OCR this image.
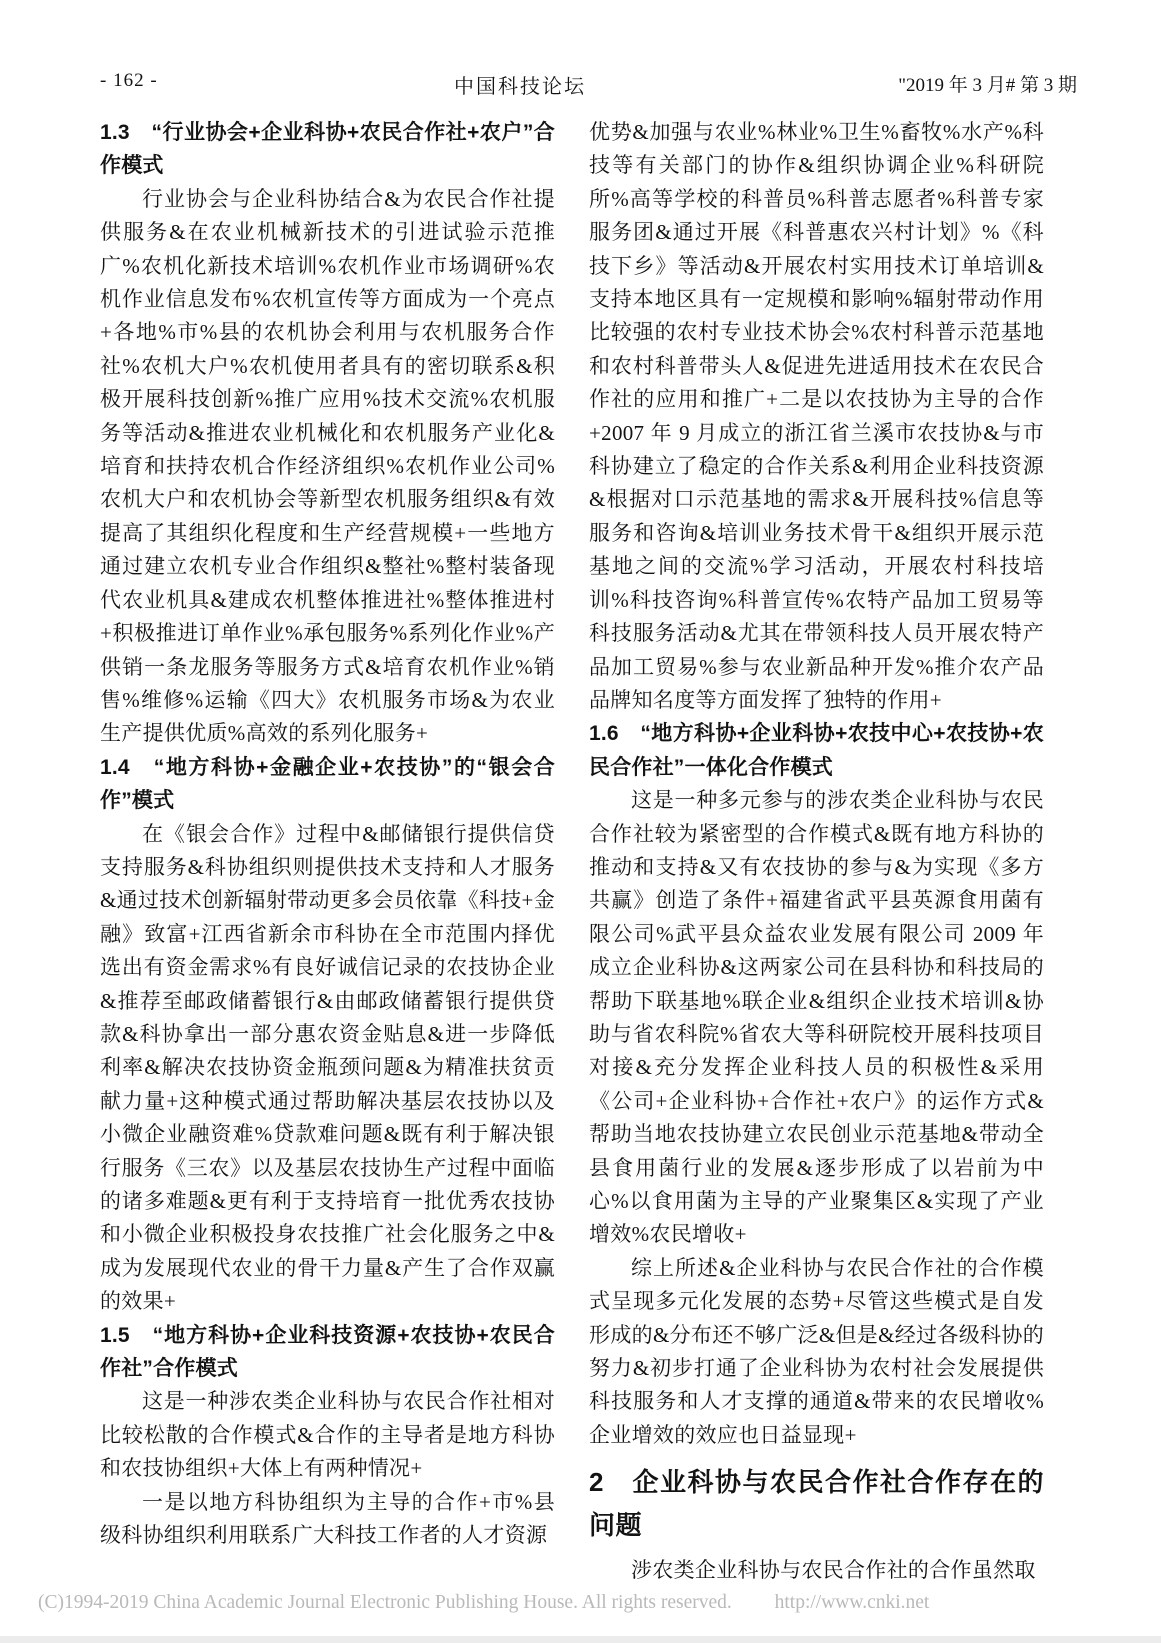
- 162 -	中国科技论坛	"2019 年 3 月# 第 3 期
1.3　“行业协会+企业科协+农民合作社+农户”合作模式

行业协会与企业科协结合&为农民合作社提供服务&在农业机械新技术的引进试验示范推广%农机化新技术培训%农机作业市场调研%农机作业信息发布%农机宣传等方面成为一个亮点+各地%市%县的农机协会利用与农机服务合作社%农机大户%农机使用者具有的密切联系&积极开展科技创新%推广应用%技术交流%农机服务等活动&推进农业机械化和农机服务产业化&培育和扶持农机合作经济组织%农机作业公司%农机大户和农机协会等新型农机服务组织&有效提高了其组织化程度和生产经营规模+一些地方通过建立农机专业合作组织&整社%整村装备现代农业机具&建成农机整体推进社%整体推进村+积极推进订单作业%承包服务%系列化作业%产供销一条龙服务等服务方式&培育农机作业%销售%维修%运输《四大》农机服务市场&为农业生产提供优质%高效的系列化服务+

1.4　“地方科协+金融企业+农技协”的“银会合作”模式

在《银会合作》过程中&邮储银行提供信贷支持服务&科协组织则提供技术支持和人才服务&通过技术创新辐射带动更多会员依靠《科技+金融》致富+江西省新余市科协在全市范围内择优选出有资金需求%有良好诚信记录的农技协企业&推荐至邮政储蓄银行&由邮政储蓄银行提供贷款&科协拿出一部分惠农资金贴息&进一步降低利率&解决农技协资金瓶颈问题&为精准扶贫贡献力量+这种模式通过帮助解决基层农技协以及小微企业融资难%贷款难问题&既有利于解决银行服务《三农》以及基层农技协生产过程中面临的诸多难题&更有利于支持培育一批优秀农技协和小微企业积极投身农技推广社会化服务之中&成为发展现代农业的骨干力量&产生了合作双赢的效果+

1.5　“地方科协+企业科技资源+农技协+农民合作社”合作模式

这是一种涉农类企业科协与农民合作社相对比较松散的合作模式&合作的主导者是地方科协和农技协组织+大体上有两种情况+

一是以地方科协组织为主导的合作+市%县级科协组织利用联系广大科技工作者的人才资源

优势&加强与农业%林业%卫生%畜牧%水产%科技等有关部门的协作&组织协调企业%科研院所%高等学校的科普员%科普志愿者%科普专家服务团&通过开展《科普惠农兴村计划》%《科技下乡》等活动&开展农村实用技术订单培训&支持本地区具有一定规模和影响%辐射带动作用比较强的农村专业技术协会%农村科普示范基地和农村科普带头人&促进先进适用技术在农民合作社的应用和推广+二是以农技协为主导的合作+2007 年 9 月成立的浙江省兰溪市农技协&与市科协建立了稳定的合作关系&利用企业科技资源&根据对口示范基地的需求&开展科技%信息等服务和咨询&培训业务技术骨干&组织开展示范基地之间的交流%学习活动，开展农村科技培训%科技咨询%科普宣传%农特产品加工贸易等科技服务活动&尤其在带领科技人员开展农特产品加工贸易%参与农业新品种开发%推介农产品品牌知名度等方面发挥了独特的作用+

1.6　“地方科协+企业科协+农技中心+农技协+农民合作社”一体化合作模式

这是一种多元参与的涉农类企业科协与农民合作社较为紧密型的合作模式&既有地方科协的推动和支持&又有农技协的参与&为实现《多方共赢》创造了条件+福建省武平县英源食用菌有限公司%武平县众益农业发展有限公司 2009 年成立企业科协&这两家公司在县科协和科技局的帮助下联基地%联企业&组织企业技术培训&协助与省农科院%省农大等科研院校开展科技项目对接&充分发挥企业科技人员的积极性&采用《公司+企业科协+合作社+农户》的运作方式&帮助当地农技协建立农民创业示范基地&带动全县食用菌行业的发展&逐步形成了以岩前为中心%以食用菌为主导的产业聚集区&实现了产业增效%农民增收+

综上所述&企业科协与农民合作社的合作模式呈现多元化发展的态势+尽管这些模式是自发形成的&分布还不够广泛&但是&经过各级科协的努力&初步打通了企业科协为农村社会发展提供科技服务和人才支撑的通道&带来的农民增收%企业增效的效应也日益显现+

2　企业科协与农民合作社合作存在的问题

涉农类企业科协与农民合作社的合作虽然取

(C)1994-2019 China Academic Journal Electronic Publishing House. All rights reserved. http://www.cnki.net
